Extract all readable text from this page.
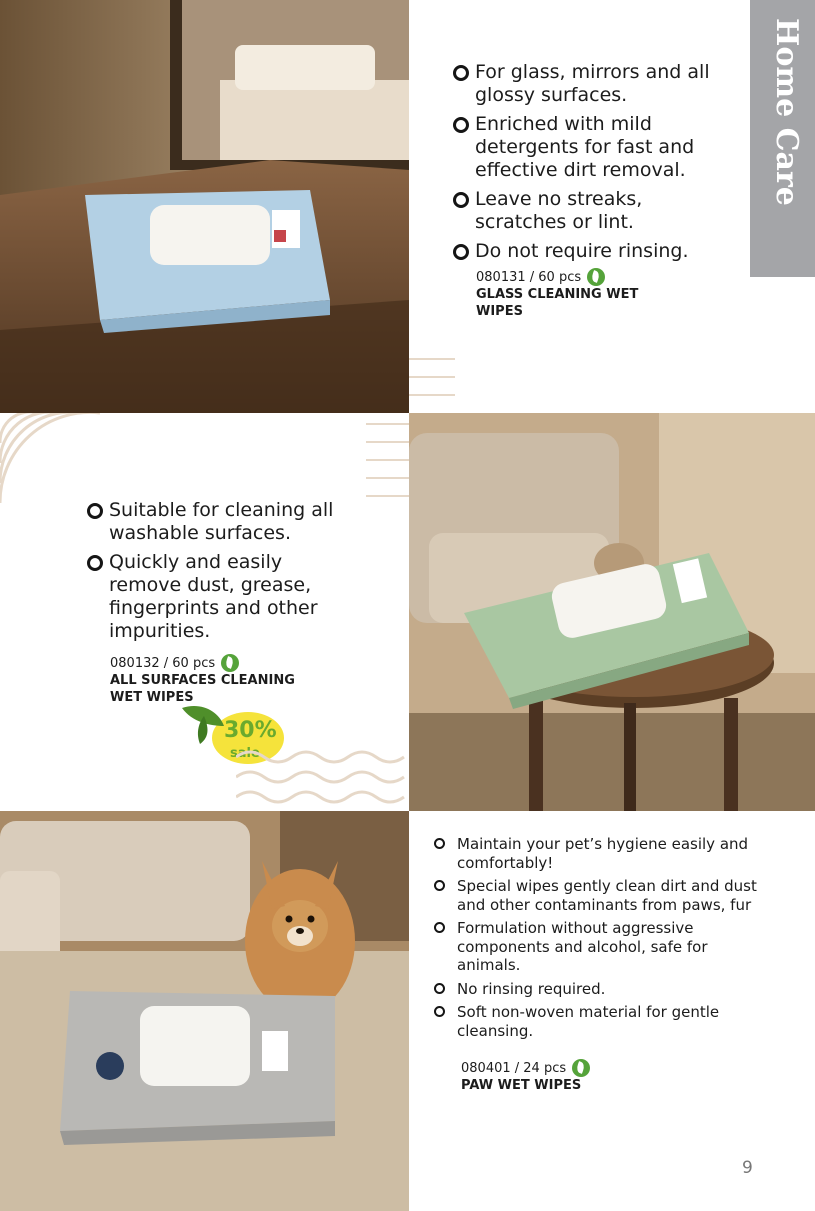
Home Care
For glass, mirrors and all glossy surfaces.
Enriched with mild detergents for fast and effective dirt removal.
Leave no streaks, scratches or lint.
Do not require rinsing.
080131 / 60 pcs
GLASS CLEANING WET WIPES
Suitable for cleaning all washable surfaces.
Quickly and easily remove dust, grease, fingerprints and other impurities.
080132 / 60 pcs
ALL SURFACES CLEANING WET WIPES
30%
sale
Maintain your pet’s hygiene easily and comfortably!
Special wipes gently clean dirt and dust and other contaminants from paws, fur
Formulation without aggressive components and alcohol, safe for animals.
No rinsing required.
Soft non-woven material for gentle cleansing.
080401 / 24 pcs
PAW WET WIPES
9
